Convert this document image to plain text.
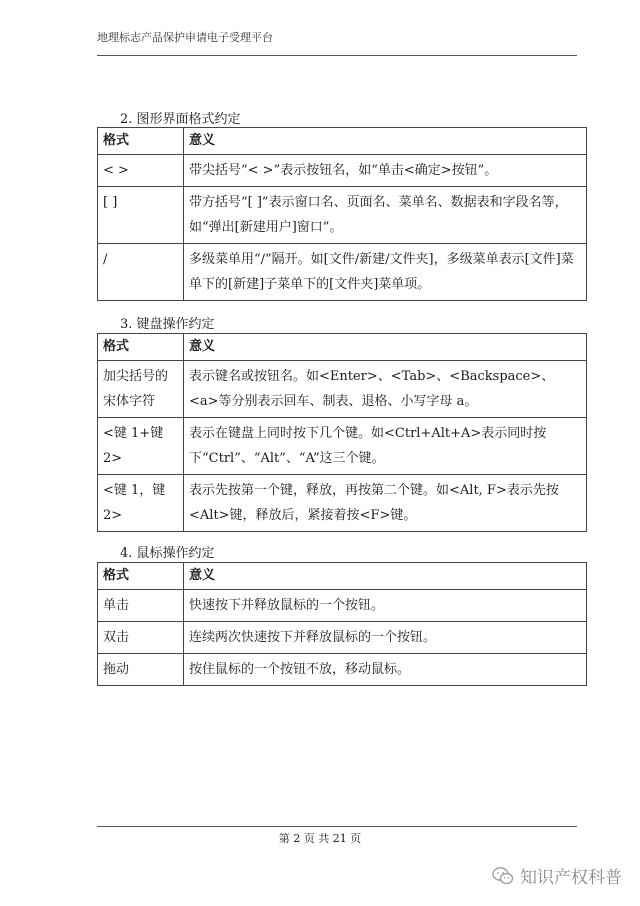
地理标志产品保护申请电子受理平台
2. 图形界面格式约定
格式	意义
< >	带尖括号“< >”表示按钮名，如“单击<确定>按钮”。
[ ]	带方括号“[ ]”表示窗口名、页面名、菜单名、数据表和字段名等，如“弹出[新建用户]窗口”。
/	多级菜单用“/”隔开。如[文件/新建/文件夹]，多级菜单表示[文件]菜单下的[新建]子菜单下的[文件夹]菜单项。
3. 键盘操作约定
格式	意义
加尖括号的宋体字符	表示键名或按钮名。如<Enter>、<Tab>、<Backspace>、<a>等分别表示回车、制表、退格、小写字母 a。
<键 1+键 2>	表示在键盘上同时按下几个键。如<Ctrl+Alt+A>表示同时按下“Ctrl”、“Alt”、“A”这三个键。
<键 1，键 2>	表示先按第一个键，释放，再按第二个键。如<Alt, F>表示先按<Alt>键，释放后，紧接着按<F>键。
4. 鼠标操作约定
格式	意义
单击	快速按下并释放鼠标的一个按钮。
双击	连续两次快速按下并释放鼠标的一个按钮。
拖动	按住鼠标的一个按钮不放，移动鼠标。
第 2 页 共 21 页
知识产权科普
